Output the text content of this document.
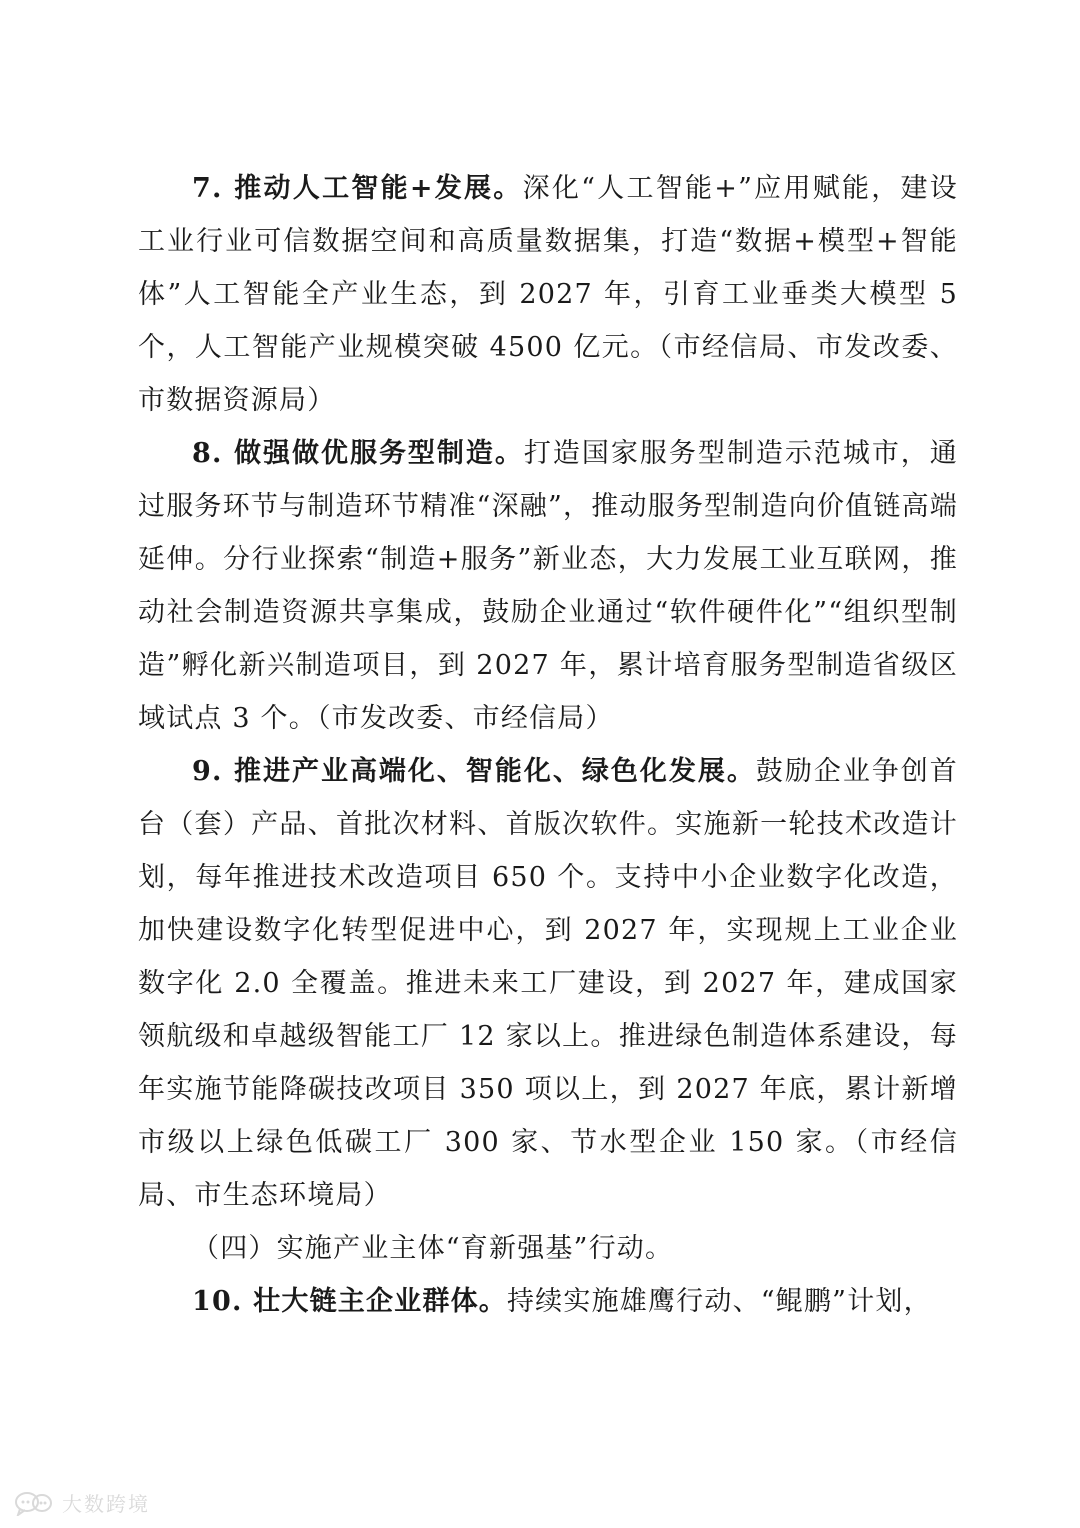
7. 推动人工智能+发展。深化“人工智能+”应用赋能，建设工业行业可信数据空间和高质量数据集，打造“数据+模型+智能体”人工智能全产业生态，到 2027 年，引育工业垂类大模型 5 个，人工智能产业规模突破 4500 亿元。（市经信局、市发改委、市数据资源局）

8. 做强做优服务型制造。打造国家服务型制造示范城市，通过服务环节与制造环节精准“深融”，推动服务型制造向价值链高端延伸。分行业探索“制造+服务”新业态，大力发展工业互联网，推动社会制造资源共享集成，鼓励企业通过“软件硬件化”“组织型制造”孵化新兴制造项目，到 2027 年，累计培育服务型制造省级区域试点 3 个。（市发改委、市经信局）

9. 推进产业高端化、智能化、绿色化发展。鼓励企业争创首台（套）产品、首批次材料、首版次软件。实施新一轮技术改造计划，每年推进技术改造项目 650 个。支持中小企业数字化改造，加快建设数字化转型促进中心，到 2027 年，实现规上工业企业数字化 2.0 全覆盖。推进未来工厂建设，到 2027 年，建成国家领航级和卓越级智能工厂 12 家以上。推进绿色制造体系建设，每年实施节能降碳技改项目 350 项以上，到 2027 年底，累计新增市级以上绿色低碳工厂 300 家、节水型企业 150 家。（市经信局、市生态环境局）

（四）实施产业主体“育新强基”行动。

10. 壮大链主企业群体。持续实施雄鹰行动、“鲲鹏”计划，

大数跨境
